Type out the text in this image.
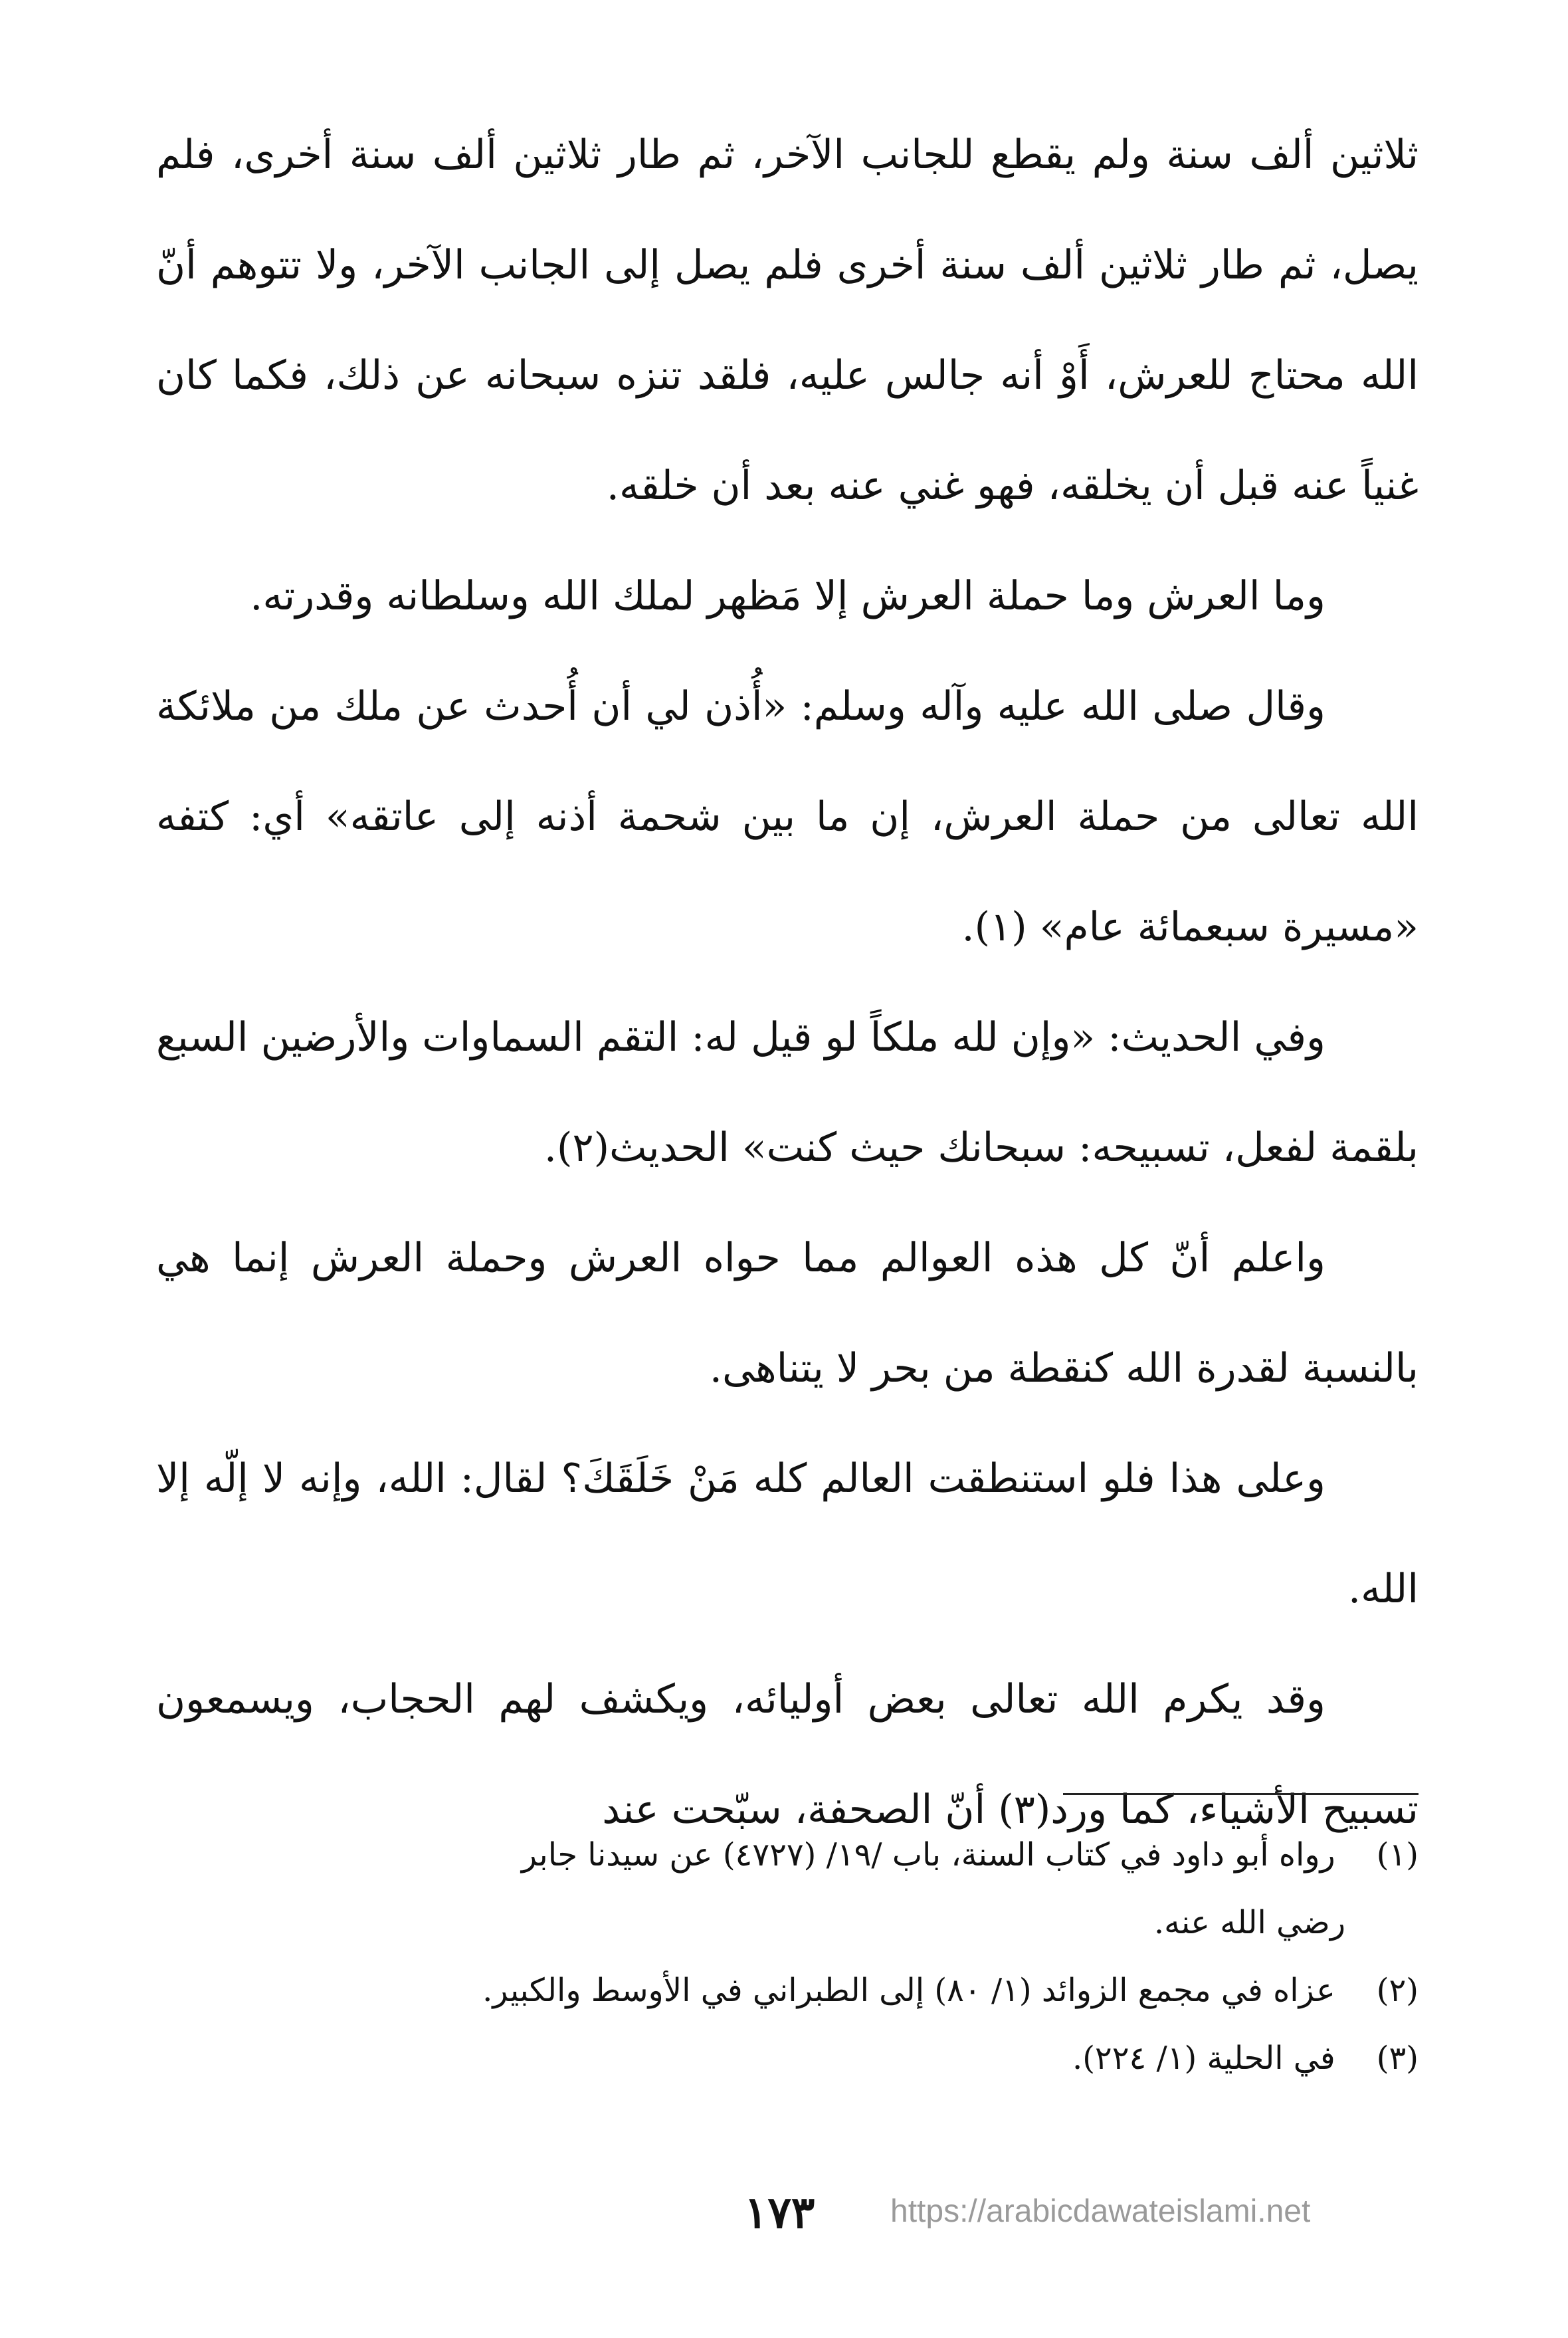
ثلاثين ألف سنة ولم يقطع للجانب الآخر، ثم طار ثلاثين ألف سنة أخرى، فلم يصل، ثم طار ثلاثين ألف سنة أخرى فلم يصل إلى الجانب الآخر، ولا تتوهم أنّ الله محتاج للعرش، أَوْ أنه جالس عليه، فلقد تنزه سبحانه عن ذلك، فكما كان غنياً عنه قبل أن يخلقه، فهو غني عنه بعد أن خلقه.

وما العرش وما حملة العرش إلا مَظهر لملك الله وسلطانه وقدرته.

وقال صلى الله عليه وآله وسلم: «أُذن لي أن أُحدث عن ملك من ملائكة الله تعالى من حملة العرش، إن ما بين شحمة أذنه إلى عاتقه» أي: كتفه «مسيرة سبعمائة عام» (١).

وفي الحديث: «وإن لله ملكاً لو قيل له: التقم السماوات والأرضين السبع بلقمة لفعل، تسبيحه: سبحانك حيث كنت» الحديث(٢).

واعلم أنّ كل هذه العوالم مما حواه العرش وحملة العرش إنما هي بالنسبة لقدرة الله كنقطة من بحر لا يتناهى.

وعلى هذا فلو استنطقت العالم كله مَنْ خَلَقَكَ؟ لقال: الله، وإنه لا إلّه إلا الله.

وقد يكرم الله تعالى بعض أوليائه، ويكشف لهم الحجاب، ويسمعون تسبيح الأشياء، كما ورد(٣) أنّ الصحفة، سبّحت عند

(١) رواه أبو داود في كتاب السنة، باب /١٩/ (٤٧٢٧) عن سيدنا جابر
رضي الله عنه.
(٢) عزاه في مجمع الزوائد (١/ ٨٠) إلى الطبراني في الأوسط والكبير.
(٣) في الحلية (١/ ٢٢٤).
١٧٣ https://arabicdawateislami.net
